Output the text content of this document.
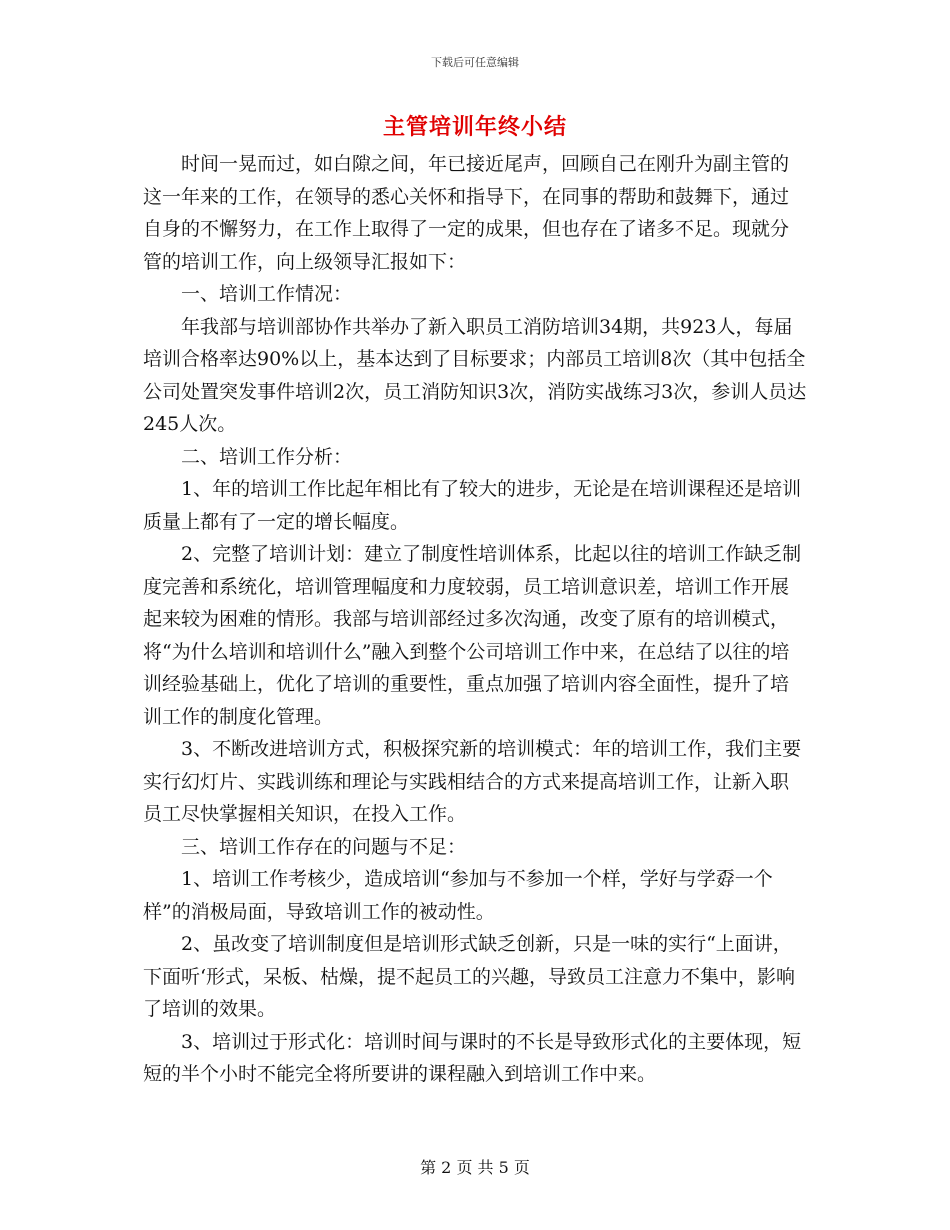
下载后可任意编辑
主管培训年终小结

时间一晃而过，如白隙之间，年已接近尾声，回顾自己在刚升为副主管的这一年来的工作，在领导的悉心关怀和指导下，在同事的帮助和鼓舞下，通过自身的不懈努力，在工作上取得了一定的成果，但也存在了诸多不足。现就分管的培训工作，向上级领导汇报如下：

一、培训工作情况：

年我部与培训部协作共举办了新入职员工消防培训34期，共923人，每届培训合格率达90%以上，基本达到了目标要求；内部员工培训8次（其中包括全公司处置突发事件培训2次，员工消防知识3次，消防实战练习3次，参训人员达245人次。

二、培训工作分析：

1、年的培训工作比起年相比有了较大的进步，无论是在培训课程还是培训质量上都有了一定的增长幅度。

2、完整了培训计划：建立了制度性培训体系，比起以往的培训工作缺乏制度完善和系统化，培训管理幅度和力度较弱，员工培训意识差，培训工作开展起来较为困难的情形。我部与培训部经过多次沟通，改变了原有的培训模式，将“为什么培训和培训什么”融入到整个公司培训工作中来，在总结了以往的培训经验基础上，优化了培训的重要性，重点加强了培训内容全面性，提升了培训工作的制度化管理。

3、不断改进培训方式，积极探究新的培训模式：年的培训工作，我们主要实行幻灯片、实践训练和理论与实践相结合的方式来提高培训工作，让新入职员工尽快掌握相关知识，在投入工作。

三、培训工作存在的问题与不足：

1、培训工作考核少，造成培训“参加与不参加一个样，学好与学孬一个样”的消极局面，导致培训工作的被动性。

2、虽改变了培训制度但是培训形式缺乏创新，只是一味的实行“上面讲，下面听‘形式，呆板、枯燥，提不起员工的兴趣，导致员工注意力不集中，影响了培训的效果。

3、培训过于形式化：培训时间与课时的不长是导致形式化的主要体现，短短的半个小时不能完全将所要讲的课程融入到培训工作中来。

第 2 页 共 5 页
